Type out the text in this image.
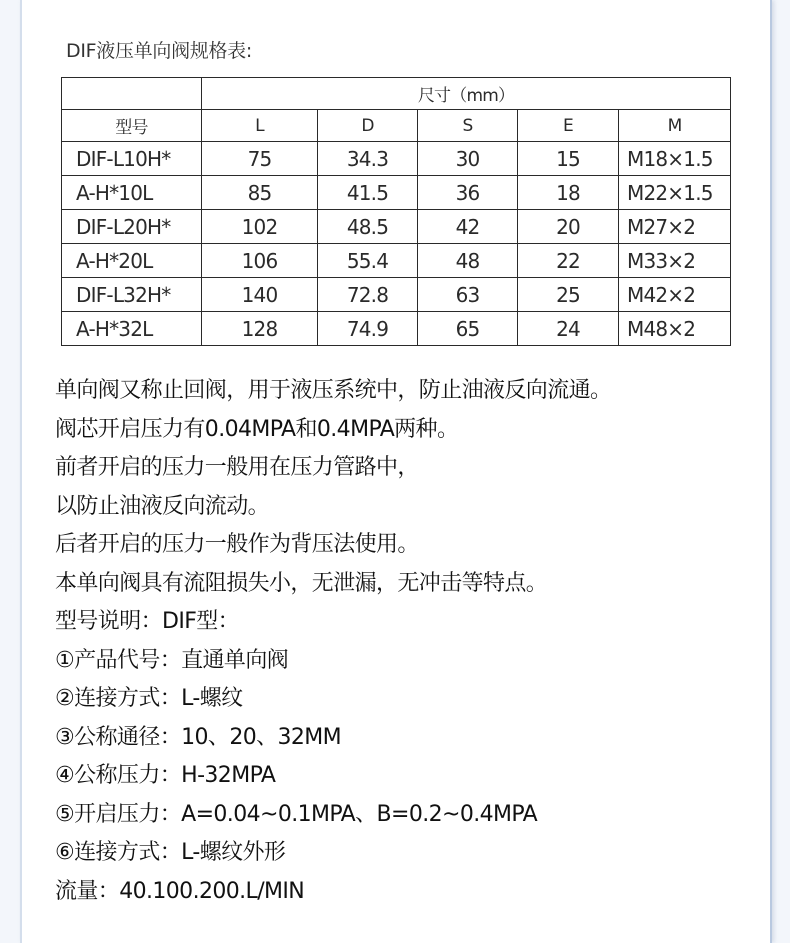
DIF液压单向阀规格表:
	尺寸（mm）				
型号	L	D	S	E	M
DIF-L10H*	75	34.3	30	15	M18×1.5
A-H*10L	85	41.5	36	18	M22×1.5
DIF-L20H*	102	48.5	42	20	M27×2
A-H*20L	106	55.4	48	22	M33×2
DIF-L32H*	140	72.8	63	25	M42×2
A-H*32L	128	74.9	65	24	M48×2

单向阀又称止回阀，用于液压系统中，防止油液反向流通。

阀芯开启压力有0.04MPA和0.4MPA两种。

前者开启的压力一般用在压力管路中，

以防止油液反向流动。

后者开启的压力一般作为背压法使用。

本单向阀具有流阻损失小，无泄漏，无冲击等特点。

型号说明：DIF型：

①产品代号：直通单向阀

②连接方式：L-螺纹

③公称通径：10、20、32MM

④公称压力：H-32MPA

⑤开启压力：A=0.04~0.1MPA、B=0.2~0.4MPA

⑥连接方式：L-螺纹外形

流量：40.100.200.L/MIN
